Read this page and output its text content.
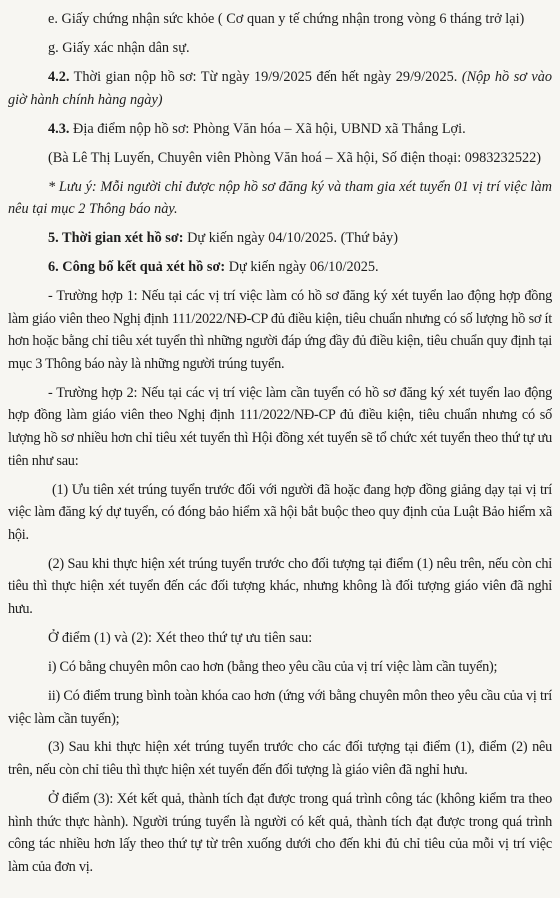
e. Giấy chứng nhận sức khỏe ( Cơ quan y tế chứng nhận trong vòng 6 tháng trở lại)

g. Giấy xác nhận dân sự.

4.2. Thời gian nộp hồ sơ: Từ ngày 19/9/2025 đến hết ngày 29/9/2025. (Nộp hồ sơ vào giờ hành chính hàng ngày)

4.3. Địa điểm nộp hồ sơ: Phòng Văn hóa – Xã hội, UBND xã Thắng Lợi.

(Bà Lê Thị Luyến, Chuyên viên Phòng Văn hoá – Xã hội, Số điện thoại: 0983232522)

* Lưu ý: Mỗi người chỉ được nộp hồ sơ đăng ký và tham gia xét tuyển 01 vị trí việc làm nêu tại mục 2 Thông báo này.

5. Thời gian xét hồ sơ: Dự kiến ngày 04/10/2025. (Thứ bảy)

6. Công bố kết quả xét hồ sơ: Dự kiến ngày 06/10/2025.

- Trường hợp 1: Nếu tại các vị trí việc làm có hồ sơ đăng ký xét tuyển lao động hợp đồng làm giáo viên theo Nghị định 111/2022/NĐ-CP đủ điều kiện, tiêu chuẩn nhưng có số lượng hồ sơ ít hơn hoặc bằng chỉ tiêu xét tuyển thì những người đáp ứng đầy đủ điều kiện, tiêu chuẩn quy định tại mục 3 Thông báo này là những người trúng tuyển.

- Trường hợp 2: Nếu tại các vị trí việc làm cần tuyển có hồ sơ đăng ký xét tuyển lao động hợp đồng làm giáo viên theo Nghị định 111/2022/NĐ-CP đủ điều kiện, tiêu chuẩn nhưng có số lượng hồ sơ nhiều hơn chỉ tiêu xét tuyển thì Hội đồng xét tuyển sẽ tổ chức xét tuyển theo thứ tự ưu tiên như sau:

(1) Ưu tiên xét trúng tuyển trước đối với người đã hoặc đang hợp đồng giảng dạy tại vị trí việc làm đăng ký dự tuyển, có đóng bảo hiểm xã hội bắt buộc theo quy định của Luật Bảo hiểm xã hội.

(2) Sau khi thực hiện xét trúng tuyển trước cho đối tượng tại điểm (1) nêu trên, nếu còn chỉ tiêu thì thực hiện xét tuyển đến các đối tượng khác, nhưng không là đối tượng giáo viên đã nghỉ hưu.

Ở điểm (1) và (2): Xét theo thứ tự ưu tiên sau:

i) Có bằng chuyên môn cao hơn (bằng theo yêu cầu của vị trí việc làm cần tuyển);

ii) Có điểm trung bình toàn khóa cao hơn (ứng với bằng chuyên môn theo yêu cầu của vị trí việc làm cần tuyển);

(3) Sau khi thực hiện xét trúng tuyển trước cho các đối tượng tại điểm (1), điểm (2) nêu trên, nếu còn chỉ tiêu thì thực hiện xét tuyển đến đối tượng là giáo viên đã nghỉ hưu.

Ở điểm (3): Xét kết quả, thành tích đạt được trong quá trình công tác (không kiểm tra theo hình thức thực hành). Người trúng tuyển là người có kết quả, thành tích đạt được trong quá trình công tác nhiều hơn lấy theo thứ tự từ trên xuống dưới cho đến khi đủ chỉ tiêu của mỗi vị trí việc làm của đơn vị.
